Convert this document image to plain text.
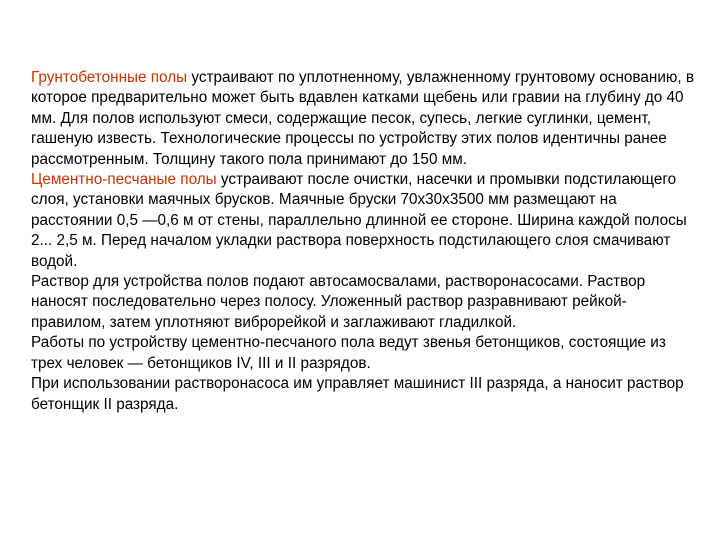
Грунтобетонные полы устраивают по уплотненному, увлажненному грунтовому основанию, в которое предварительно может быть вдавлен катками щебень или гравии на глубину до 40 мм. Для полов используют смеси, содержащие песок, супесь, легкие суглинки, цемент, гашеную известь. Технологические процессы по устройству этих полов идентичны ранее рассмотренным. Толщину такого пола принимают до 150 мм.

Цементно-песчаные полы устраивают после очистки, насечки и промывки подстилающего слоя, установки маячных брусков. Маячные бруски 70х30х3500 мм размещают на расстоянии 0,5 —0,6 м от стены, параллельно длинной ее стороне. Ширина каждой полосы 2... 2,5 м. Перед началом укладки раствора поверхность подстилающего слоя смачивают водой.

Раствор для устройства полов подают автосамосвалами, растворонасосами. Раствор наносят последовательно через полосу. Уложенный раствор разравнивают рейкой-правилом, затем уплотняют виброрейкой и заглаживают гладилкой.

Работы по устройству цементно-песчаного пола ведут звенья бетонщиков, состоящие из трех человек — бетонщиков IV, III и II разрядов.

При использовании растворонасоса им управляет машинист III разряда, а наносит раствор бетонщик II разряда.
